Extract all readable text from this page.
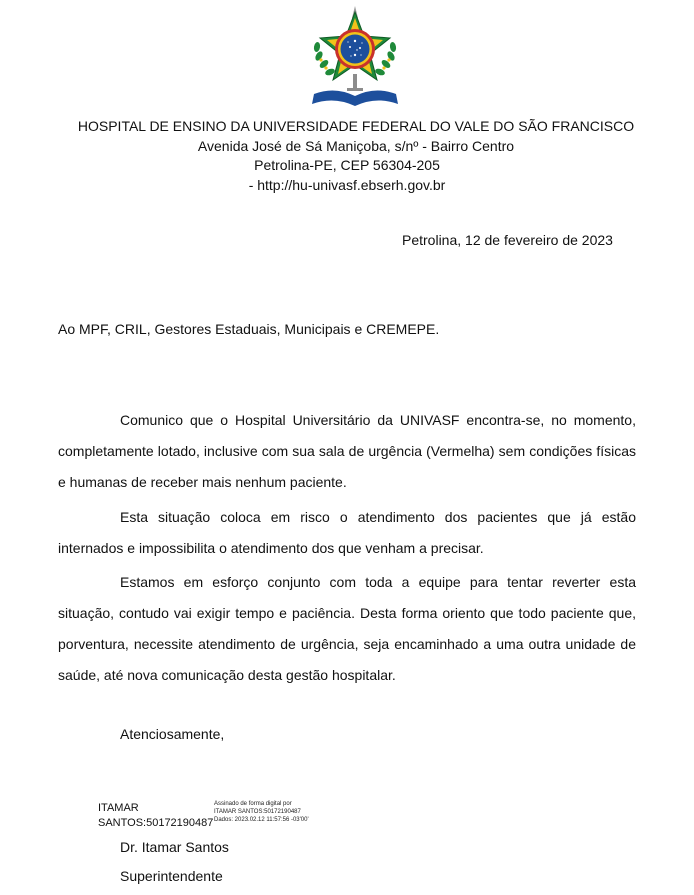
HOSPITAL DE ENSINO DA UNIVERSIDADE FEDERAL DO VALE DO SÃO FRANCISCO
Avenida José de Sá Maniçoba, s/nº - Bairro Centro
Petrolina-PE, CEP 56304-205
- http://hu-univasf.ebserh.gov.br
Petrolina, 12 de fevereiro de 2023
Ao MPF, CRIL, Gestores Estaduais, Municipais e CREMEPE.

Comunico que o Hospital Universitário da UNIVASF encontra-se, no momento, completamente lotado, inclusive com sua sala de urgência (Vermelha) sem condições físicas e humanas de receber mais nenhum paciente.

Esta situação coloca em risco o atendimento dos pacientes que já estão internados e impossibilita o atendimento dos que venham a precisar.

Estamos em esforço conjunto com toda a equipe para tentar reverter esta situação, contudo vai exigir tempo e paciência. Desta forma oriento que todo paciente que, porventura, necessite atendimento de urgência, seja encaminhado a uma outra unidade de saúde, até nova comunicação desta gestão hospitalar.

Atenciosamente,
ITAMAR
SANTOS:50172190487
Assinado de forma digital por
ITAMAR SANTOS:50172190487
Dados: 2023.02.12 11:57:56 -03'00'
Dr. Itamar Santos
Superintendente
